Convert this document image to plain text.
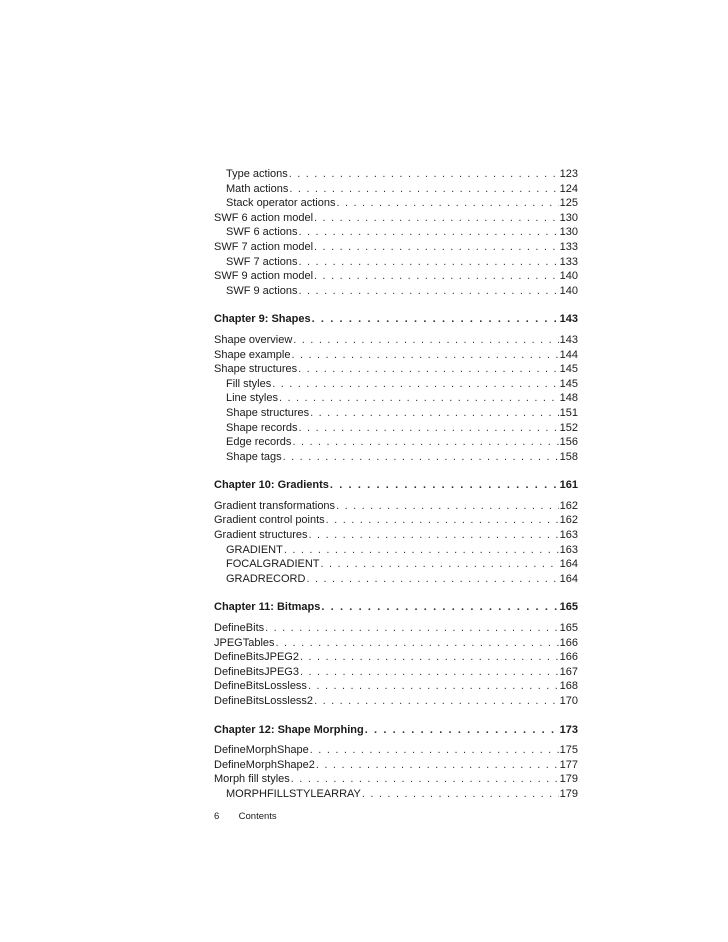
Type actions . . .	123
Math actions . . .	124
Stack operator actions . . .	125
SWF 6 action model . . .	130
SWF 6 actions . . .	130
SWF 7 action model . . .	133
SWF 7 actions . . .	133
SWF 9 action model . . .	140
SWF 9 actions . . .	140
Chapter 9: Shapes . . .	143
Shape overview . . .	143
Shape example . . .	144
Shape structures . . .	145
Fill styles . . .	145
Line styles . . .	148
Shape structures . . .	151
Shape records . . .	152
Edge records . . .	156
Shape tags . . .	158
Chapter 10: Gradients . . .	161
Gradient transformations . . .	162
Gradient control points . . .	162
Gradient structures . . .	163
GRADIENT . . .	163
FOCALGRADIENT . . .	164
GRADRECORD . . .	164
Chapter 11: Bitmaps . . .	165
DefineBits . . .	165
JPEGTables . . .	166
DefineBitsJPEG2 . . .	166
DefineBitsJPEG3 . . .	167
DefineBitsLossless . . .	168
DefineBitsLossless2 . . .	170
Chapter 12: Shape Morphing . . .	173
DefineMorphShape . . .	175
DefineMorphShape2 . . .	177
Morph fill styles . . .	179
MORPHFILLSTYLEARRAY . . .	179
6 Contents
